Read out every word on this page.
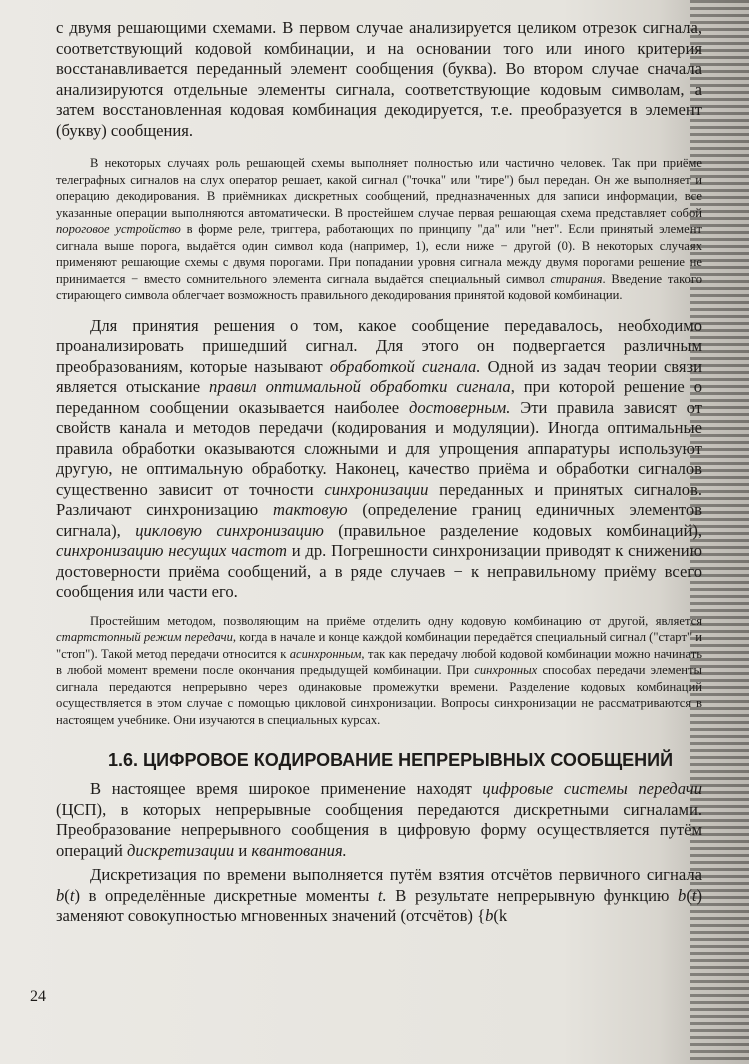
с двумя решающими схемами. В первом случае анализируется целиком отрезок сигнала, соответствующий кодовой комбинации, и на основании того или иного критерия восстанавливается переданный элемент сообщения (буква). Во втором случае сначала анализируются отдельные элементы сигнала, соответствующие кодовым символам, а затем восстановленная кодовая комбинация декодируется, т.е. преобразуется в элемент (букву) сообщения.

В некоторых случаях роль решающей схемы выполняет полностью или частично человек. Так при приёме телеграфных сигналов на слух оператор решает, какой сигнал ("точка" или "тире") был передан. Он же выполняет и операцию декодирования. В приёмниках дискретных сообщений, предназначенных для записи информации, все указанные операции выполняются автоматически. В простейшем случае первая решающая схема представляет собой пороговое устройство в форме реле, триггера, работающих по принципу "да" или "нет". Если принятый элемент сигнала выше порога, выдаётся один символ кода (например, 1), если ниже − другой (0). В некоторых случаях применяют решающие схемы с двумя порогами. При попадании уровня сигнала между двумя порогами решение не принимается − вместо сомнительного элемента сигнала выдаётся специальный символ стирания. Введение такого стирающего символа облегчает возможность правильного декодирования принятой кодовой комбинации.

Для принятия решения о том, какое сообщение передавалось, необходимо проанализировать пришедший сигнал. Для этого он подвергается различным преобразованиям, которые называют обработкой сигнала. Одной из задач теории связи является отыскание правил оптимальной обработки сигнала, при которой решение о переданном сообщении оказывается наиболее достоверным. Эти правила зависят от свойств канала и методов передачи (кодирования и модуляции). Иногда оптимальные правила обработки оказываются сложными и для упрощения аппаратуры используют другую, не оптимальную обработку. Наконец, качество приёма и обработки сигналов существенно зависит от точности синхронизации переданных и принятых сигналов. Различают синхронизацию тактовую (определение границ единичных элементов сигнала), цикловую синхронизацию (правильное разделение кодовых комбинаций), синхронизацию несущих частот и др. Погрешности синхронизации приводят к снижению достоверности приёма сообщений, а в ряде случаев − к неправильному приёму всего сообщения или части его.

Простейшим методом, позволяющим на приёме отделить одну кодовую комбинацию от другой, является стартстопный режим передачи, когда в начале и конце каждой комбинации передаётся специальный сигнал ("старт" и "стоп"). Такой метод передачи относится к асинхронным, так как передачу любой кодовой комбинации можно начинать в любой момент времени после окончания предыдущей комбинации. При синхронных способах передачи элементы сигнала передаются непрерывно через одинаковые промежутки времени. Разделение кодовых комбинаций осуществляется в этом случае с помощью цикловой синхронизации. Вопросы синхронизации не рассматриваются в настоящем учебнике. Они изучаются в специальных курсах.

1.6. ЦИФРОВОЕ КОДИРОВАНИЕ НЕПРЕРЫВНЫХ СООБЩЕНИЙ

В настоящее время широкое применение находят цифровые системы передачи (ЦСП), в которых непрерывные сообщения передаются дискретными сигналами. Преобразование непрерывного сообщения в цифровую форму осуществляется путём операций дискретизации и квантования.

Дискретизация по времени выполняется путём взятия отсчётов первичного сигнала b(t) в определённые дискретные моменты t. В результате непрерывную функцию b(t) заменяют совокупностью мгновенных значений (отсчётов) {b(k

24
